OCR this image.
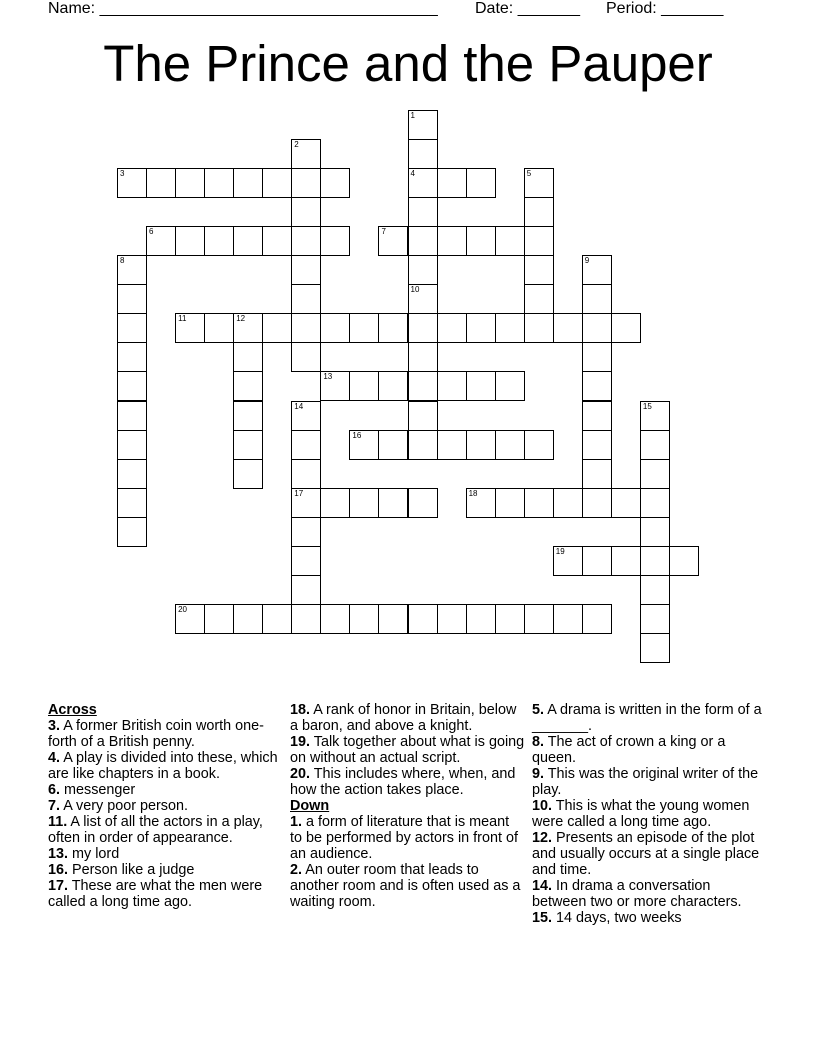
Name: ______________________________________ Date: _______ Period: _______
The Prince and the Pauper
1
4
10
2
3	5
6	7
8	9
11	12
13
14
17
15
16
18
19
20
Across
3. A former British coin worth one-forth of a British penny.
4. A play is divided into these, which are like chapters in a book.
6. messenger
7. A very poor person.
11. A list of all the actors in a play, often in order of appearance.
13. my lord
16. Person like a judge
17. These are what the men were called a long time ago.
18. A rank of honor in Britain, below a baron, and above a knight.
19. Talk together about what is going on without an actual script.
20. This includes where, when, and how the action takes place.
Down
1. a form of literature that is meant to be performed by actors in front of an audience.
2. An outer room that leads to another room and is often used as a waiting room.
5. A drama is written in the form of a _______.
8. The act of crown a king or a queen.
9. This was the original writer of the play.
10. This is what the young women were called a long time ago.
12. Presents an episode of the plot and usually occurs at a single place and time.
14. In drama a conversation between two or more characters.
15. 14 days, two weeks
